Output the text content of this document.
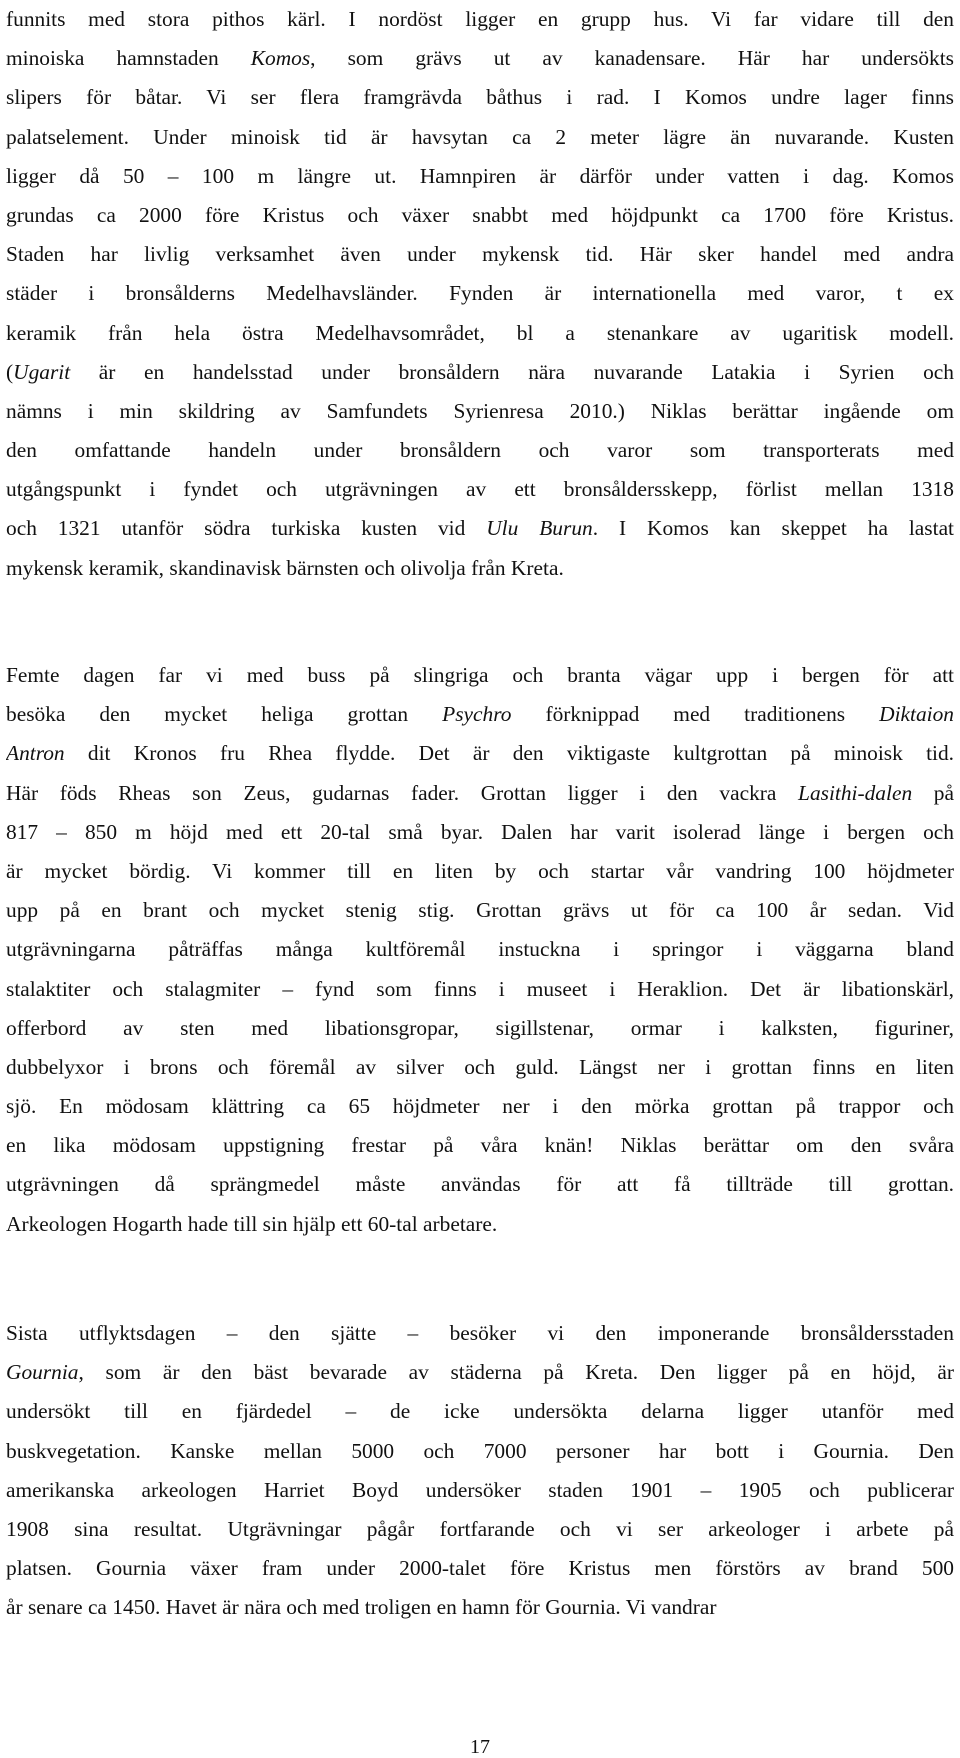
funnits med stora pithos kärl. I nordöst ligger en grupp hus. Vi far vidare till den
minoiska hamnstaden Komos, som grävs ut av kanadensare. Här har undersökts
slipers för båtar. Vi ser flera framgrävda båthus i rad. I Komos undre lager finns
palatselement. Under minoisk tid är havsytan ca 2 meter lägre än nuvarande. Kusten
ligger då 50 – 100 m längre ut. Hamnpiren är därför under vatten i dag. Komos
grundas ca 2000 före Kristus och växer snabbt med höjdpunkt ca 1700 före Kristus.
Staden har livlig verksamhet även under mykensk tid. Här sker handel med andra
städer i bronsålderns Medelhavsländer. Fynden är internationella med varor, t ex
keramik från hela östra Medelhavsområdet, bl a stenankare av ugaritisk modell.
(Ugarit är en handelsstad under bronsåldern nära nuvarande Latakia i Syrien och
nämns i min skildring av Samfundets Syrienresa 2010.) Niklas berättar ingående om
den omfattande handeln under bronsåldern och varor som transporterats med
utgångspunkt i fyndet och utgrävningen av ett bronsåldersskepp, förlist mellan 1318
och 1321 utanför södra turkiska kusten vid Ulu Burun. I Komos kan skeppet ha lastat
mykensk keramik, skandinavisk bärnsten och olivolja från Kreta.
Femte dagen far vi med buss på slingriga och branta vägar upp i bergen för att
besöka den mycket heliga grottan Psychro förknippad med traditionens Diktaion
Antron dit Kronos fru Rhea flydde. Det är den viktigaste kultgrottan på minoisk tid.
Här föds Rheas son Zeus, gudarnas fader. Grottan ligger i den vackra Lasithi-dalen på
817 – 850 m höjd med ett 20-tal små byar. Dalen har varit isolerad länge i bergen och
är mycket bördig. Vi kommer till en liten by och startar vår vandring 100 höjdmeter
upp på en brant och mycket stenig stig. Grottan grävs ut för ca 100 år sedan. Vid
utgrävningarna påträffas många kultföremål instuckna i springor i väggarna bland
stalaktiter och stalagmiter – fynd som finns i museet i Heraklion. Det är libationskärl,
offerbord av sten med libationsgropar, sigillstenar, ormar i kalksten, figuriner,
dubbelyxor i brons och föremål av silver och guld. Längst ner i grottan finns en liten
sjö. En mödosam klättring ca 65 höjdmeter ner i den mörka grottan på trappor och
en lika mödosam uppstigning frestar på våra knän! Niklas berättar om den svåra
utgrävningen då sprängmedel måste användas för att få tillträde till grottan.
Arkeologen Hogarth hade till sin hjälp ett 60-tal arbetare.
Sista utflyktsdagen – den sjätte – besöker vi den imponerande bronsåldersstaden
Gournia, som är den bäst bevarade av städerna på Kreta. Den ligger på en höjd, är
undersökt till en fjärdedel – de icke undersökta delarna ligger utanför med
buskvegetation. Kanske mellan 5000 och 7000 personer har bott i Gournia. Den
amerikanska arkeologen Harriet Boyd undersöker staden 1901 – 1905 och publicerar
1908 sina resultat. Utgrävningar pågår fortfarande och vi ser arkeologer i arbete på
platsen. Gournia växer fram under 2000-talet före Kristus men förstörs av brand 500
år senare ca 1450. Havet är nära och med troligen en hamn för Gournia. Vi vandrar
17
